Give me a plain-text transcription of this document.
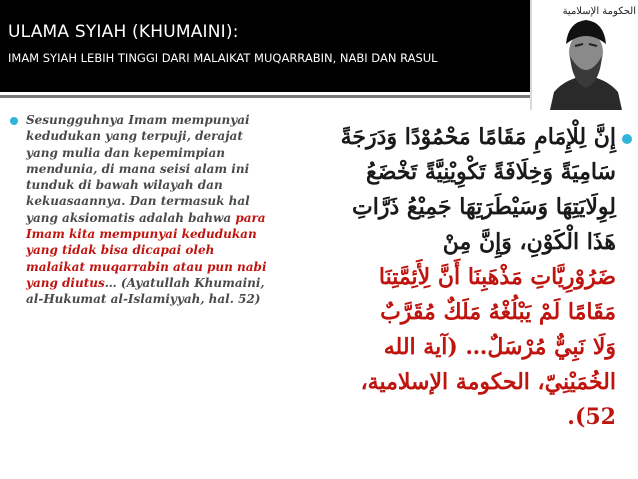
ULAMA SYIAH (KHUMAINI):
IMAM SYIAH LEBIH TINGGI DARI MALAIKAT MUQARRABIN, NABI DAN RASUL
الحكومة الإسلامية
Sesungguhnya Imam mempunyai kedudukan yang terpuji, derajat yang mulia dan kepemimpian mendunia, di mana seisi alam ini tunduk di bawah wilayah dan kekuasaannya. Dan termasuk hal yang aksiomatis adalah bahwa para Imam kita mempunyai kedudukan yang tidak bisa dicapai oleh malaikat muqarrabin atau pun nabi yang diutus… (Ayatullah Khumaini, al-Hukumat al-Islamiyyah, hal. 52)
إِنَّ لِلْإِمَامِ مَقَامًا مَحْمُوْدًا وَدَرَجَةً
سَامِيَةً وَخِلَافَةً تَكْوِيْنِيَّةً تَخْضَعُ
لِوِلَايَتِهَا وَسَيْطَرَتِهَا جَمِيْعُ ذَرَّاتِ
هَذَا الْكَوْنِ، وَإِنَّ مِنْ
ضَرُوْرِيَّاتِ مَذْهَبِنَا أَنَّ لِأَئِمَّتِنَا
مَقَامًا لَمْ يَبْلُغْهُ مَلَكٌ مُقَرَّبٌ
وَلَا نَبِيٌّ مُرْسَلٌ… (آية الله
الخُمَيْنِيّ، الحكومة الإسلامية،
52).
